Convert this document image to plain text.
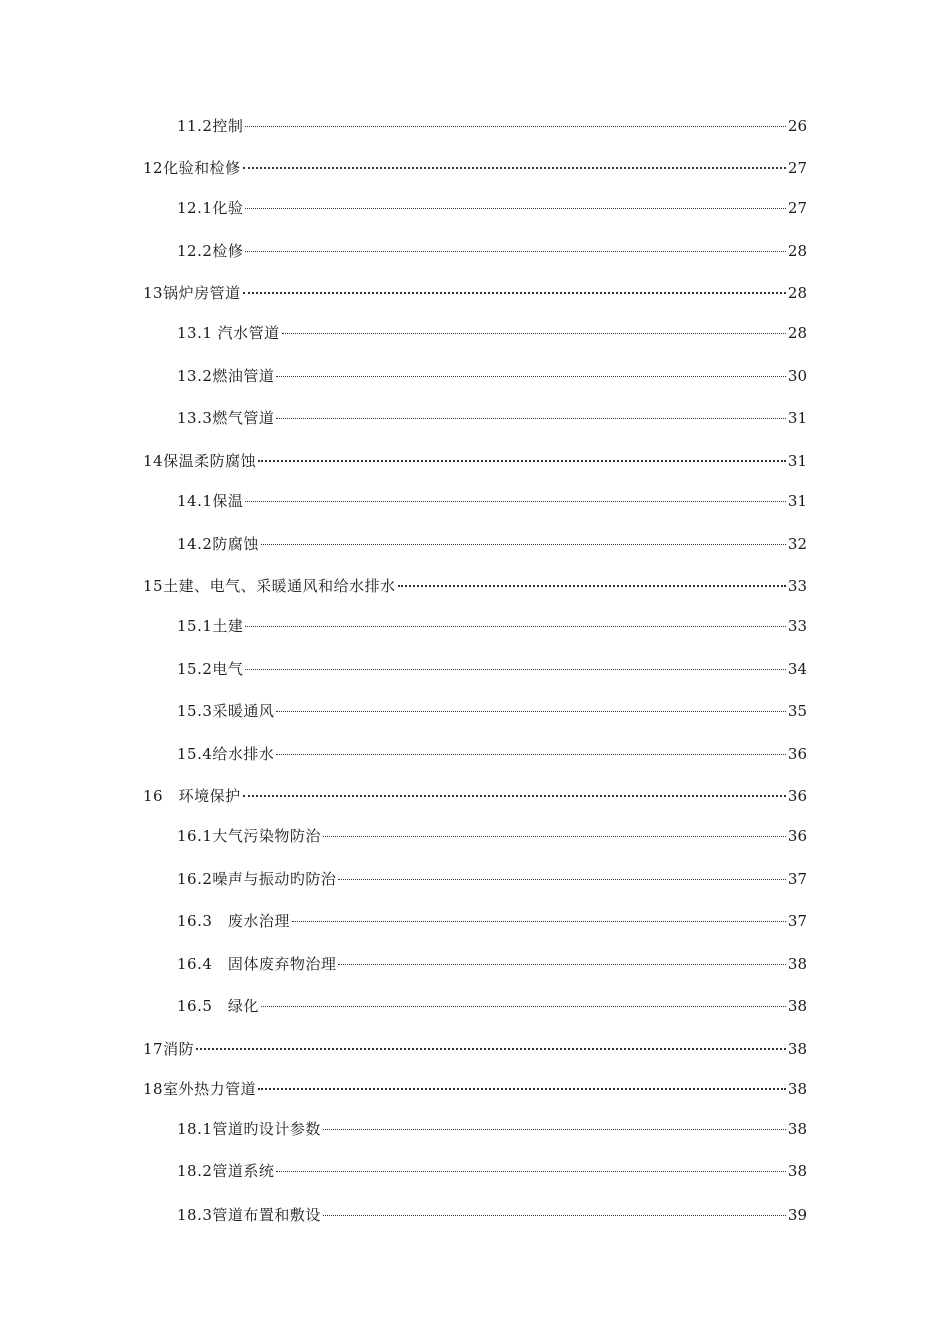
11.2控制	26
12化验和检修	27
12.1化验	27
12.2检修	28
13锅炉房管道	28
13.1 汽水管道	28
13.2燃油管道	30
13.3燃气管道	31
14保温柔防腐蚀	31
14.1保温	31
14.2防腐蚀	32
15土建、电气、采暖通风和给水排水	33
15.1土建	33
15.2电气	34
15.3采暖通风	35
15.4给水排水	36
16　环境保护	36
16.1大气污染物防治	36
16.2噪声与振动旳防治	37
16.3　废水治理	37
16.4　固体废弃物治理	38
16.5　绿化	38
17消防	38
18室外热力管道	38
18.1管道旳设计参数	38
18.2管道系统	38
18.3管道布置和敷设	39
